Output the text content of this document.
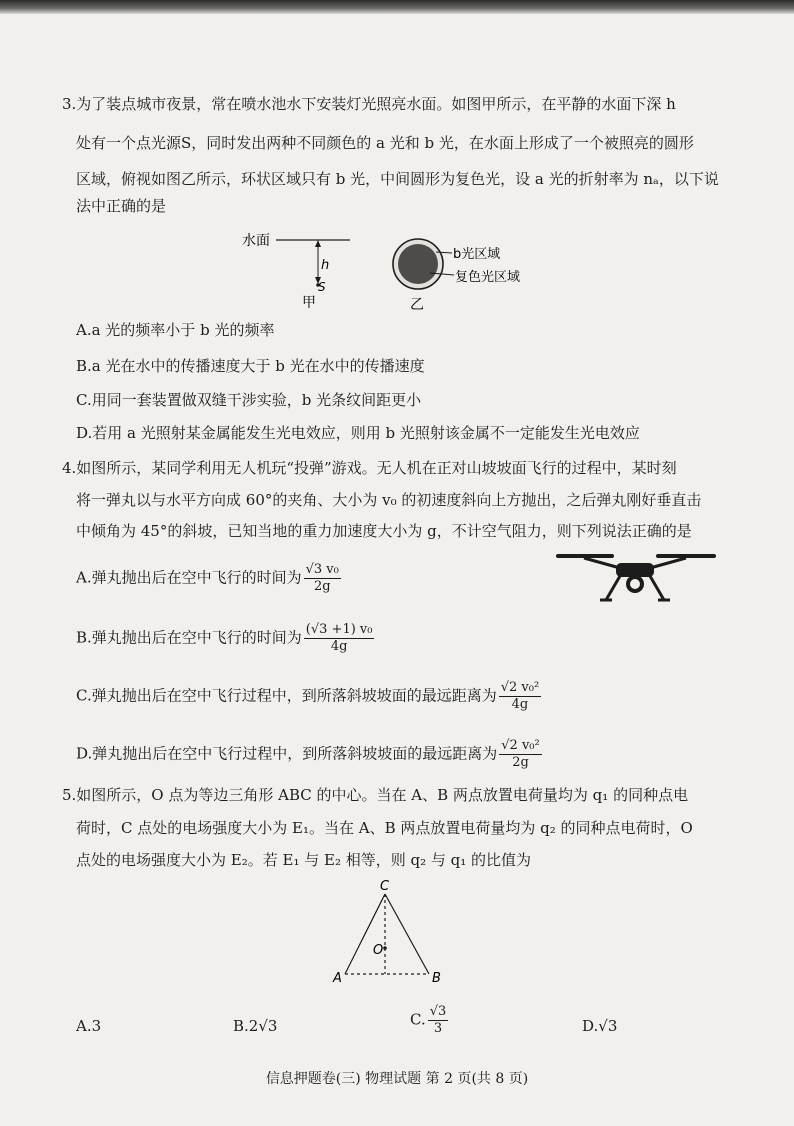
3.为了装点城市夜景，常在喷水池水下安装灯光照亮水面。如图甲所示，在平静的水面下深 h
处有一个点光源S，同时发出两种不同颜色的 a 光和 b 光，在水面上形成了一个被照亮的圆形
区域，俯视如图乙所示，环状区域只有 b 光，中间圆形为复色光，设 a 光的折射率为 nₐ，以下说
法中正确的是
水面
h
S
甲
b光区域
复色光区域
乙
A.a 光的频率小于 b 光的频率
B.a 光在水中的传播速度大于 b 光在水中的传播速度
C.用同一套装置做双缝干涉实验，b 光条纹间距更小
D.若用 a 光照射某金属能发生光电效应，则用 b 光照射该金属不一定能发生光电效应
4.如图所示，某同学利用无人机玩“投弹”游戏。无人机在正对山坡坡面飞行的过程中，某时刻
将一弹丸以与水平方向成 60°的夹角、大小为 v₀ 的初速度斜向上方抛出，之后弹丸刚好垂直击
中倾角为 45°的斜坡，已知当地的重力加速度大小为 g，不计空气阻力，则下列说法正确的是
A.弹丸抛出后在空中飞行的时间为 $\frac{\text{√3 v₀}}{2g}$
B.弹丸抛出后在空中飞行的时间为 $\frac{\text{(√3 +1) v₀}}{4g}$
C.弹丸抛出后在空中飞行过程中，到所落斜坡坡面的最远距离为 $\frac{\text{√2 v₀²}}{4g}$
D.弹丸抛出后在空中飞行过程中，到所落斜坡坡面的最远距离为 $\frac{\text{√2 v₀²}}{2g}$
5.如图所示，O 点为等边三角形 ABC 的中心。当在 A、B 两点放置电荷量均为 q₁ 的同种点电
荷时，C 点处的电场强度大小为 E₁。当在 A、B 两点放置电荷量均为 q₂ 的同种点电荷时，O
点处的电场强度大小为 E₂。若 E₁ 与 E₂ 相等，则 q₂ 与 q₁ 的比值为
C
O
A	B
A.3	B.2√3	C. $\frac{√3}{3}$	D.√3
信息押题卷(三) 物理试题 第 2 页(共 8 页)
